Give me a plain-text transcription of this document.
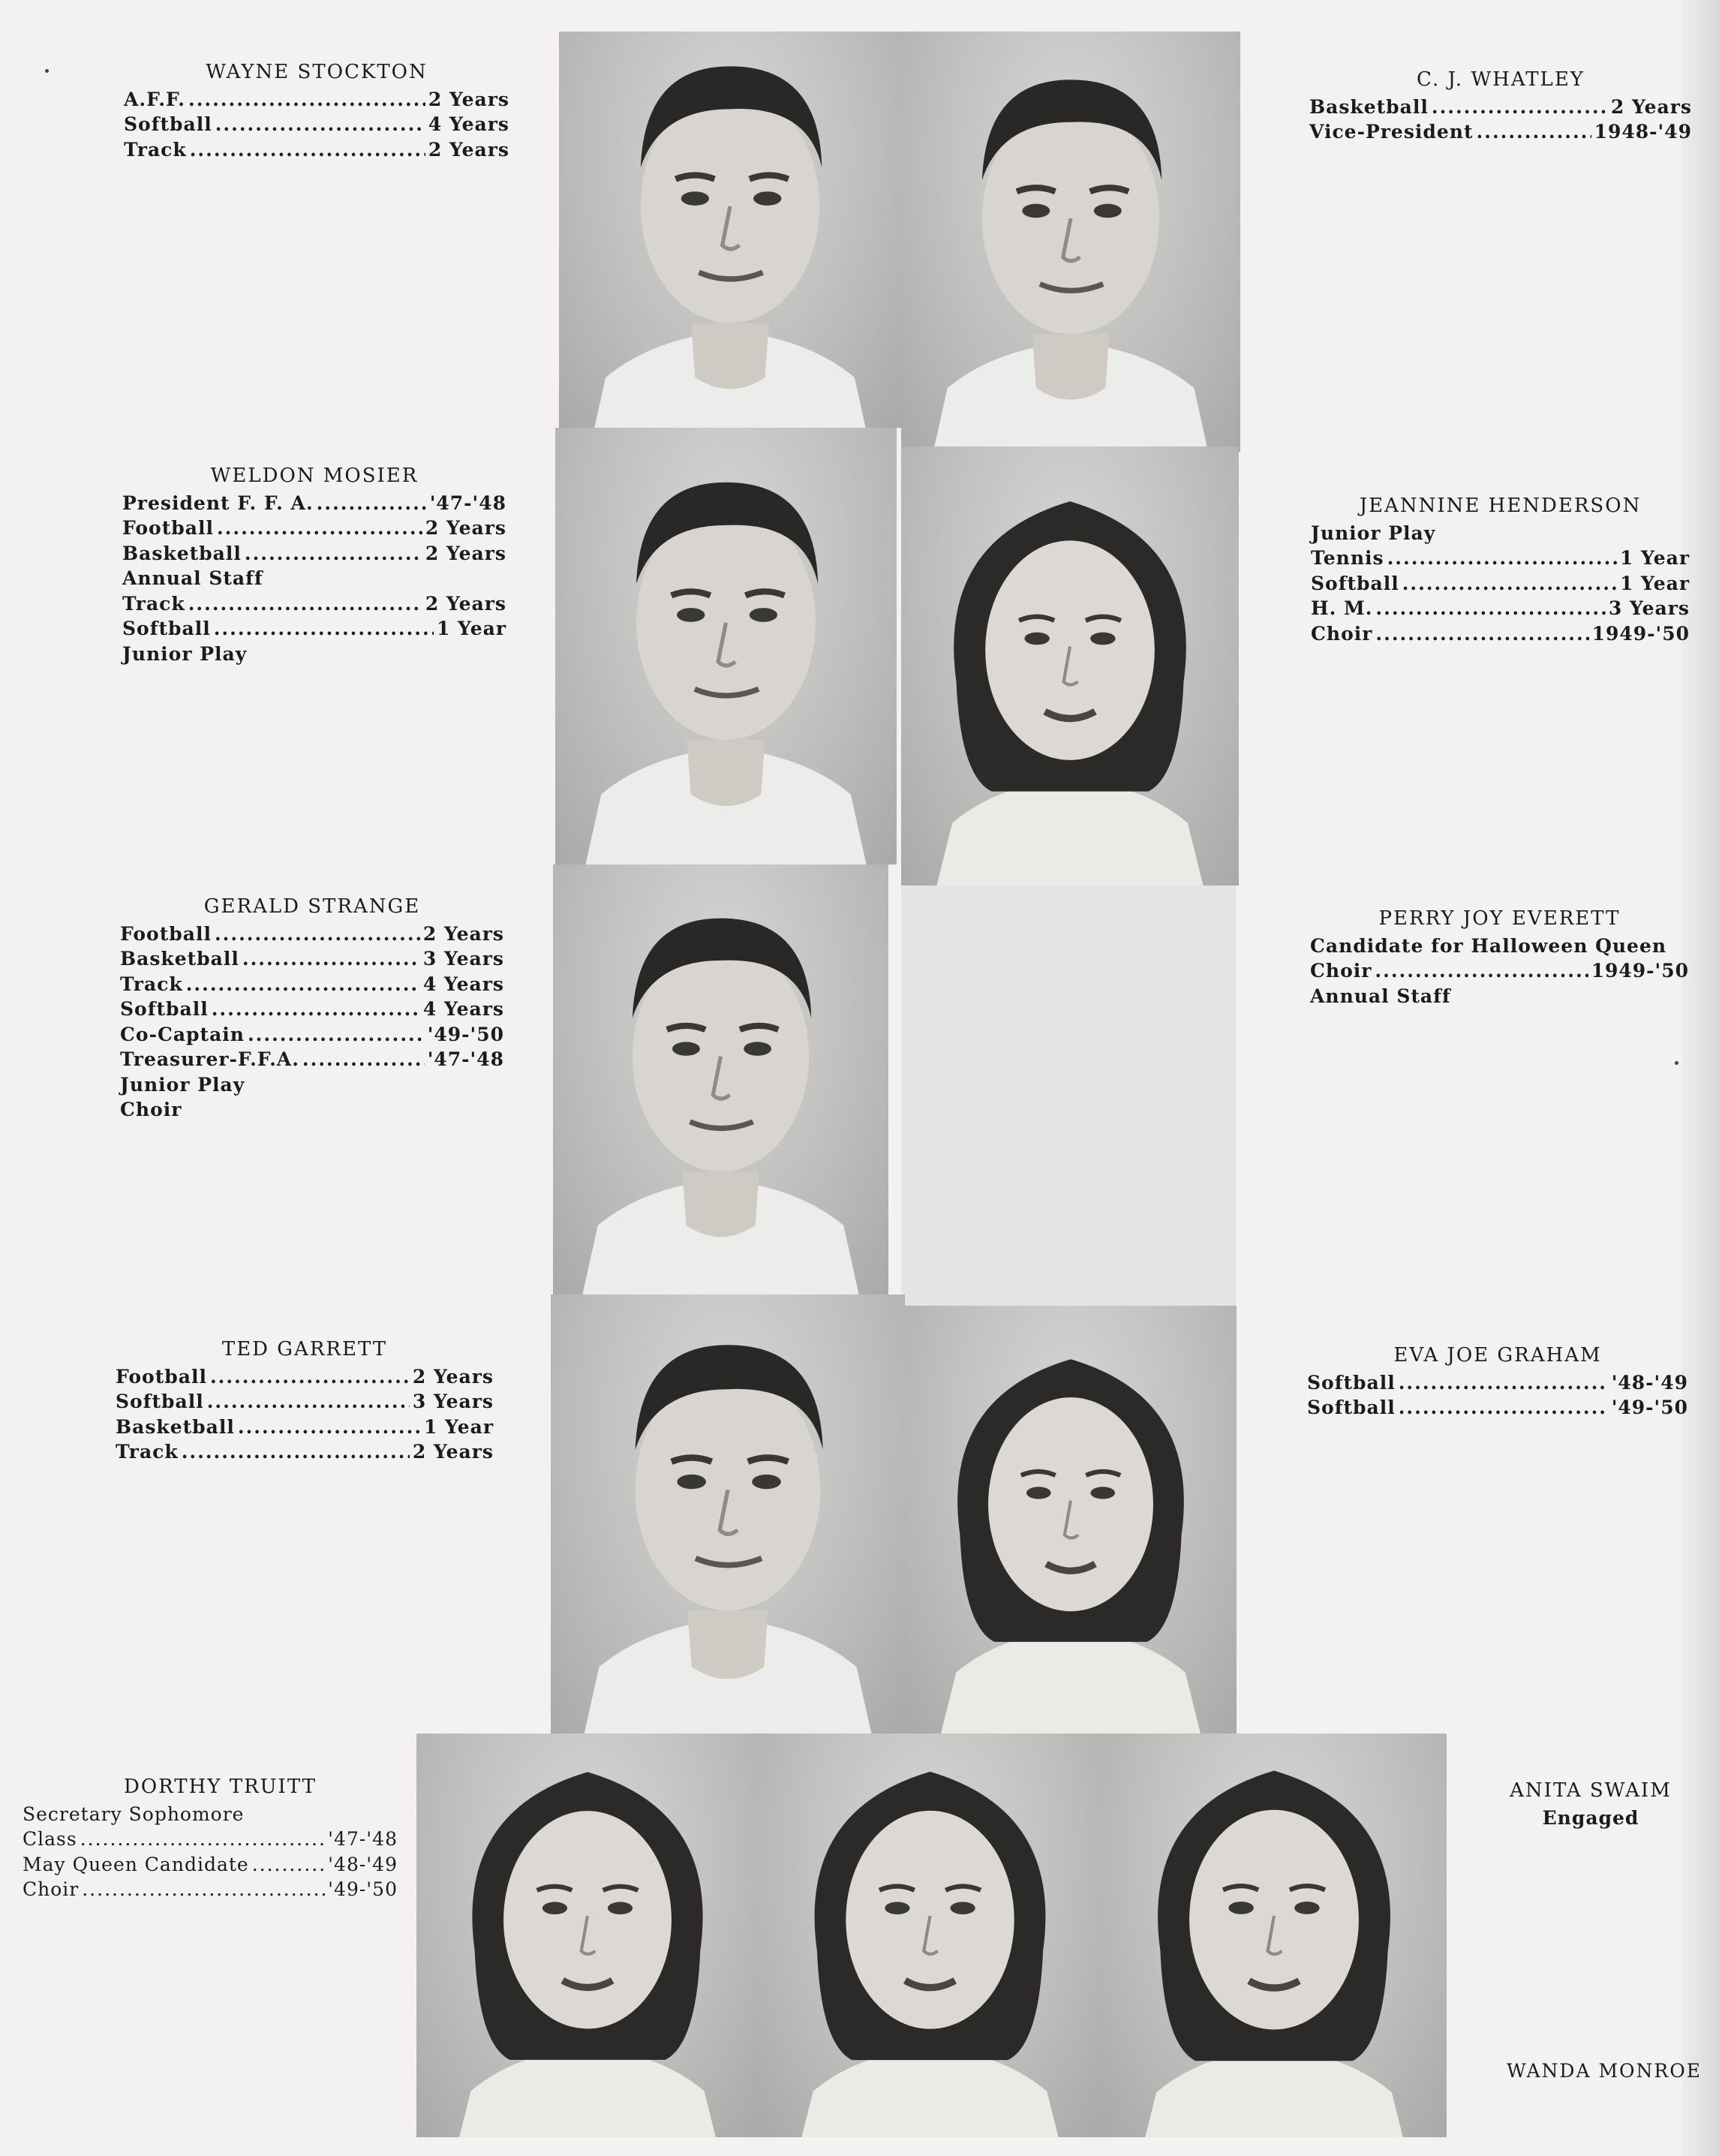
WAYNE STOCKTON
A.F.F. .....	2 Years
Softball .....	4 Years
Track .....	2 Years
C. J. WHATLEY
Basketball .....	2 Years
Vice-President .....	1948-'49
WELDON MOSIER
President F. F. A. .....	'47-'48
Football .....	2 Years
Basketball .....	2 Years
Annual Staff
Track .....	2 Years
Softball .....	1 Year
Junior Play
JEANNINE HENDERSON
Junior Play
Tennis .....	1 Year
Softball .....	1 Year
H. M. .....	3 Years
Choir .....	1949-'50
GERALD STRANGE
Football .....	2 Years
Basketball .....	3 Years
Track .....	4 Years
Softball .....	4 Years
Co-Captain .....	'49-'50
Treasurer-F.F.A. .....	'47-'48
Junior Play
Choir
PERRY JOY EVERETT
Candidate for Halloween Queen
Choir .....	1949-'50
Annual Staff
TED GARRETT
Football .....	2 Years
Softball .....	3 Years
Basketball .....	1 Year
Track .....	2 Years
EVA JOE GRAHAM
Softball .....	'48-'49
Softball .....	'49-'50
DORTHY TRUITT
Secretary Sophomore
Class .....	'47-'48
May Queen Candidate .....	'48-'49
Choir .....	'49-'50
ANITA SWAIM
Engaged
WANDA MONROE
